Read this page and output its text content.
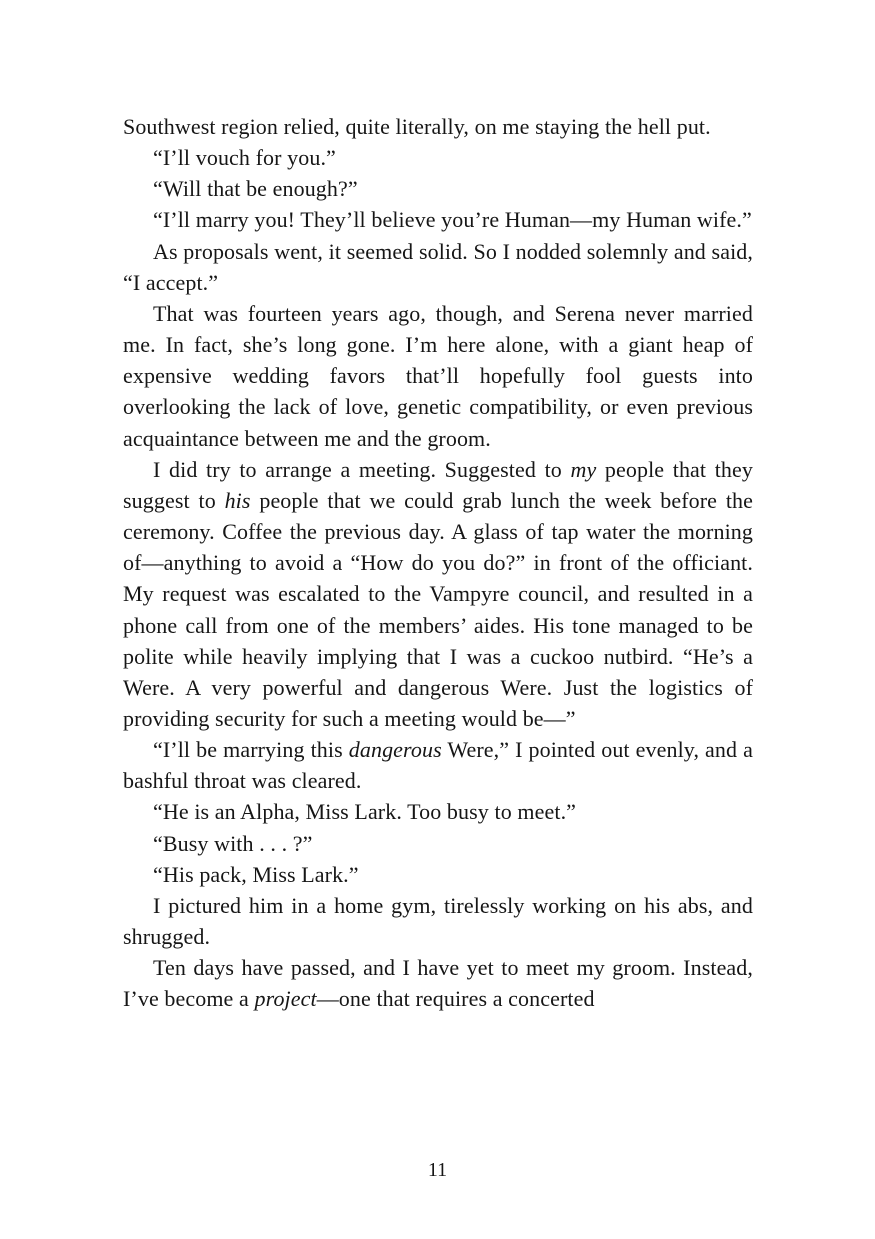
Southwest region relied, quite literally, on me staying the hell put.

“I’ll vouch for you.”

“Will that be enough?”

“I’ll marry you! They’ll believe you’re Human—my Human wife.”

As proposals went, it seemed solid. So I nodded solemnly and said, “I accept.”

That was fourteen years ago, though, and Serena never married me. In fact, she’s long gone. I’m here alone, with a giant heap of expensive wedding favors that’ll hopefully fool guests into overlooking the lack of love, genetic compatibility, or even previous acquaintance between me and the groom.

I did try to arrange a meeting. Suggested to my people that they suggest to his people that we could grab lunch the week before the ceremony. Coffee the previous day. A glass of tap water the morning of—anything to avoid a “How do you do?” in front of the officiant. My request was escalated to the Vampyre council, and resulted in a phone call from one of the members’ aides. His tone managed to be polite while heavily implying that I was a cuckoo nutbird. “He’s a Were. A very powerful and dangerous Were. Just the logistics of providing security for such a meeting would be—”

“I’ll be marrying this dangerous Were,” I pointed out evenly, and a bashful throat was cleared.

“He is an Alpha, Miss Lark. Too busy to meet.”

“Busy with . . . ?”

“His pack, Miss Lark.”

I pictured him in a home gym, tirelessly working on his abs, and shrugged.

Ten days have passed, and I have yet to meet my groom. Instead, I’ve become a project—one that requires a concerted

11
